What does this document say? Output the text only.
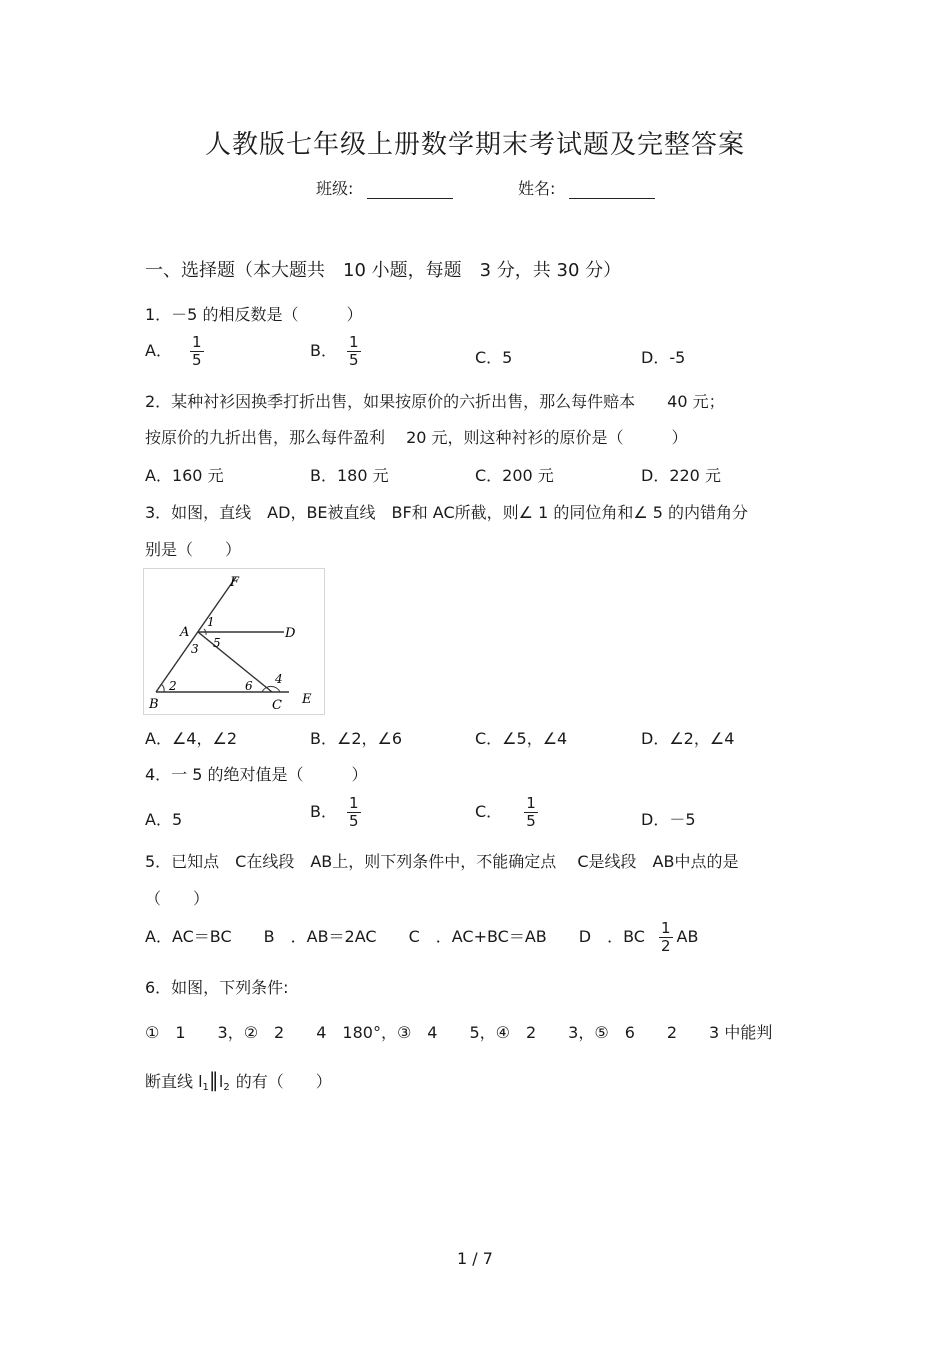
人教版七年级上册数学期末考试题及完整答案
班级:	姓名:
一、选择题（本大题共　10 小题，每题　3 分，共 30 分）
1．－5 的相反数是（　　　）
A． $\frac{1}{5}$	B． $\frac{1}{5}$	C．5	D．-5
2．某种衬衫因换季打折出售，如果按原价的六折出售，那么每件赔本　　40 元；
按原价的九折出售，那么每件盈利　 20 元，则这种衬衫的原价是（　　　）
A．160 元	B．180 元	C．200 元	D．220 元
3．如图，直线　AD，BE被直线　BF和 AC所截，则∠ 1 的同位角和∠ 5 的内错角分
别是（　　）
F
A	D
B	C E
1
2
3
4
5
6
A．∠4，∠2	B．∠2，∠6	C．∠5，∠4	D．∠2，∠4
4．一 5 的绝对值是（　　　）
A．5	B． $\frac{1}{5}$	C． $\frac{1}{5}$	D．－5
5．已知点　C在线段　AB上，则下列条件中，不能确定点　 C是线段　AB中点的是
（　　）
A．AC＝BC　　B　．AB＝2AC　　C　．AC+BC＝AB　　D　．BC $\frac{1}{2}$ AB
6．如图，下列条件:
①　1　　3，②　2　　4　180°，③　4　　5，④　2　　3，⑤　6　　2　　3 中能判
断直线 $l_1\parallel l_2$ 的有（　　）
1 / 7
